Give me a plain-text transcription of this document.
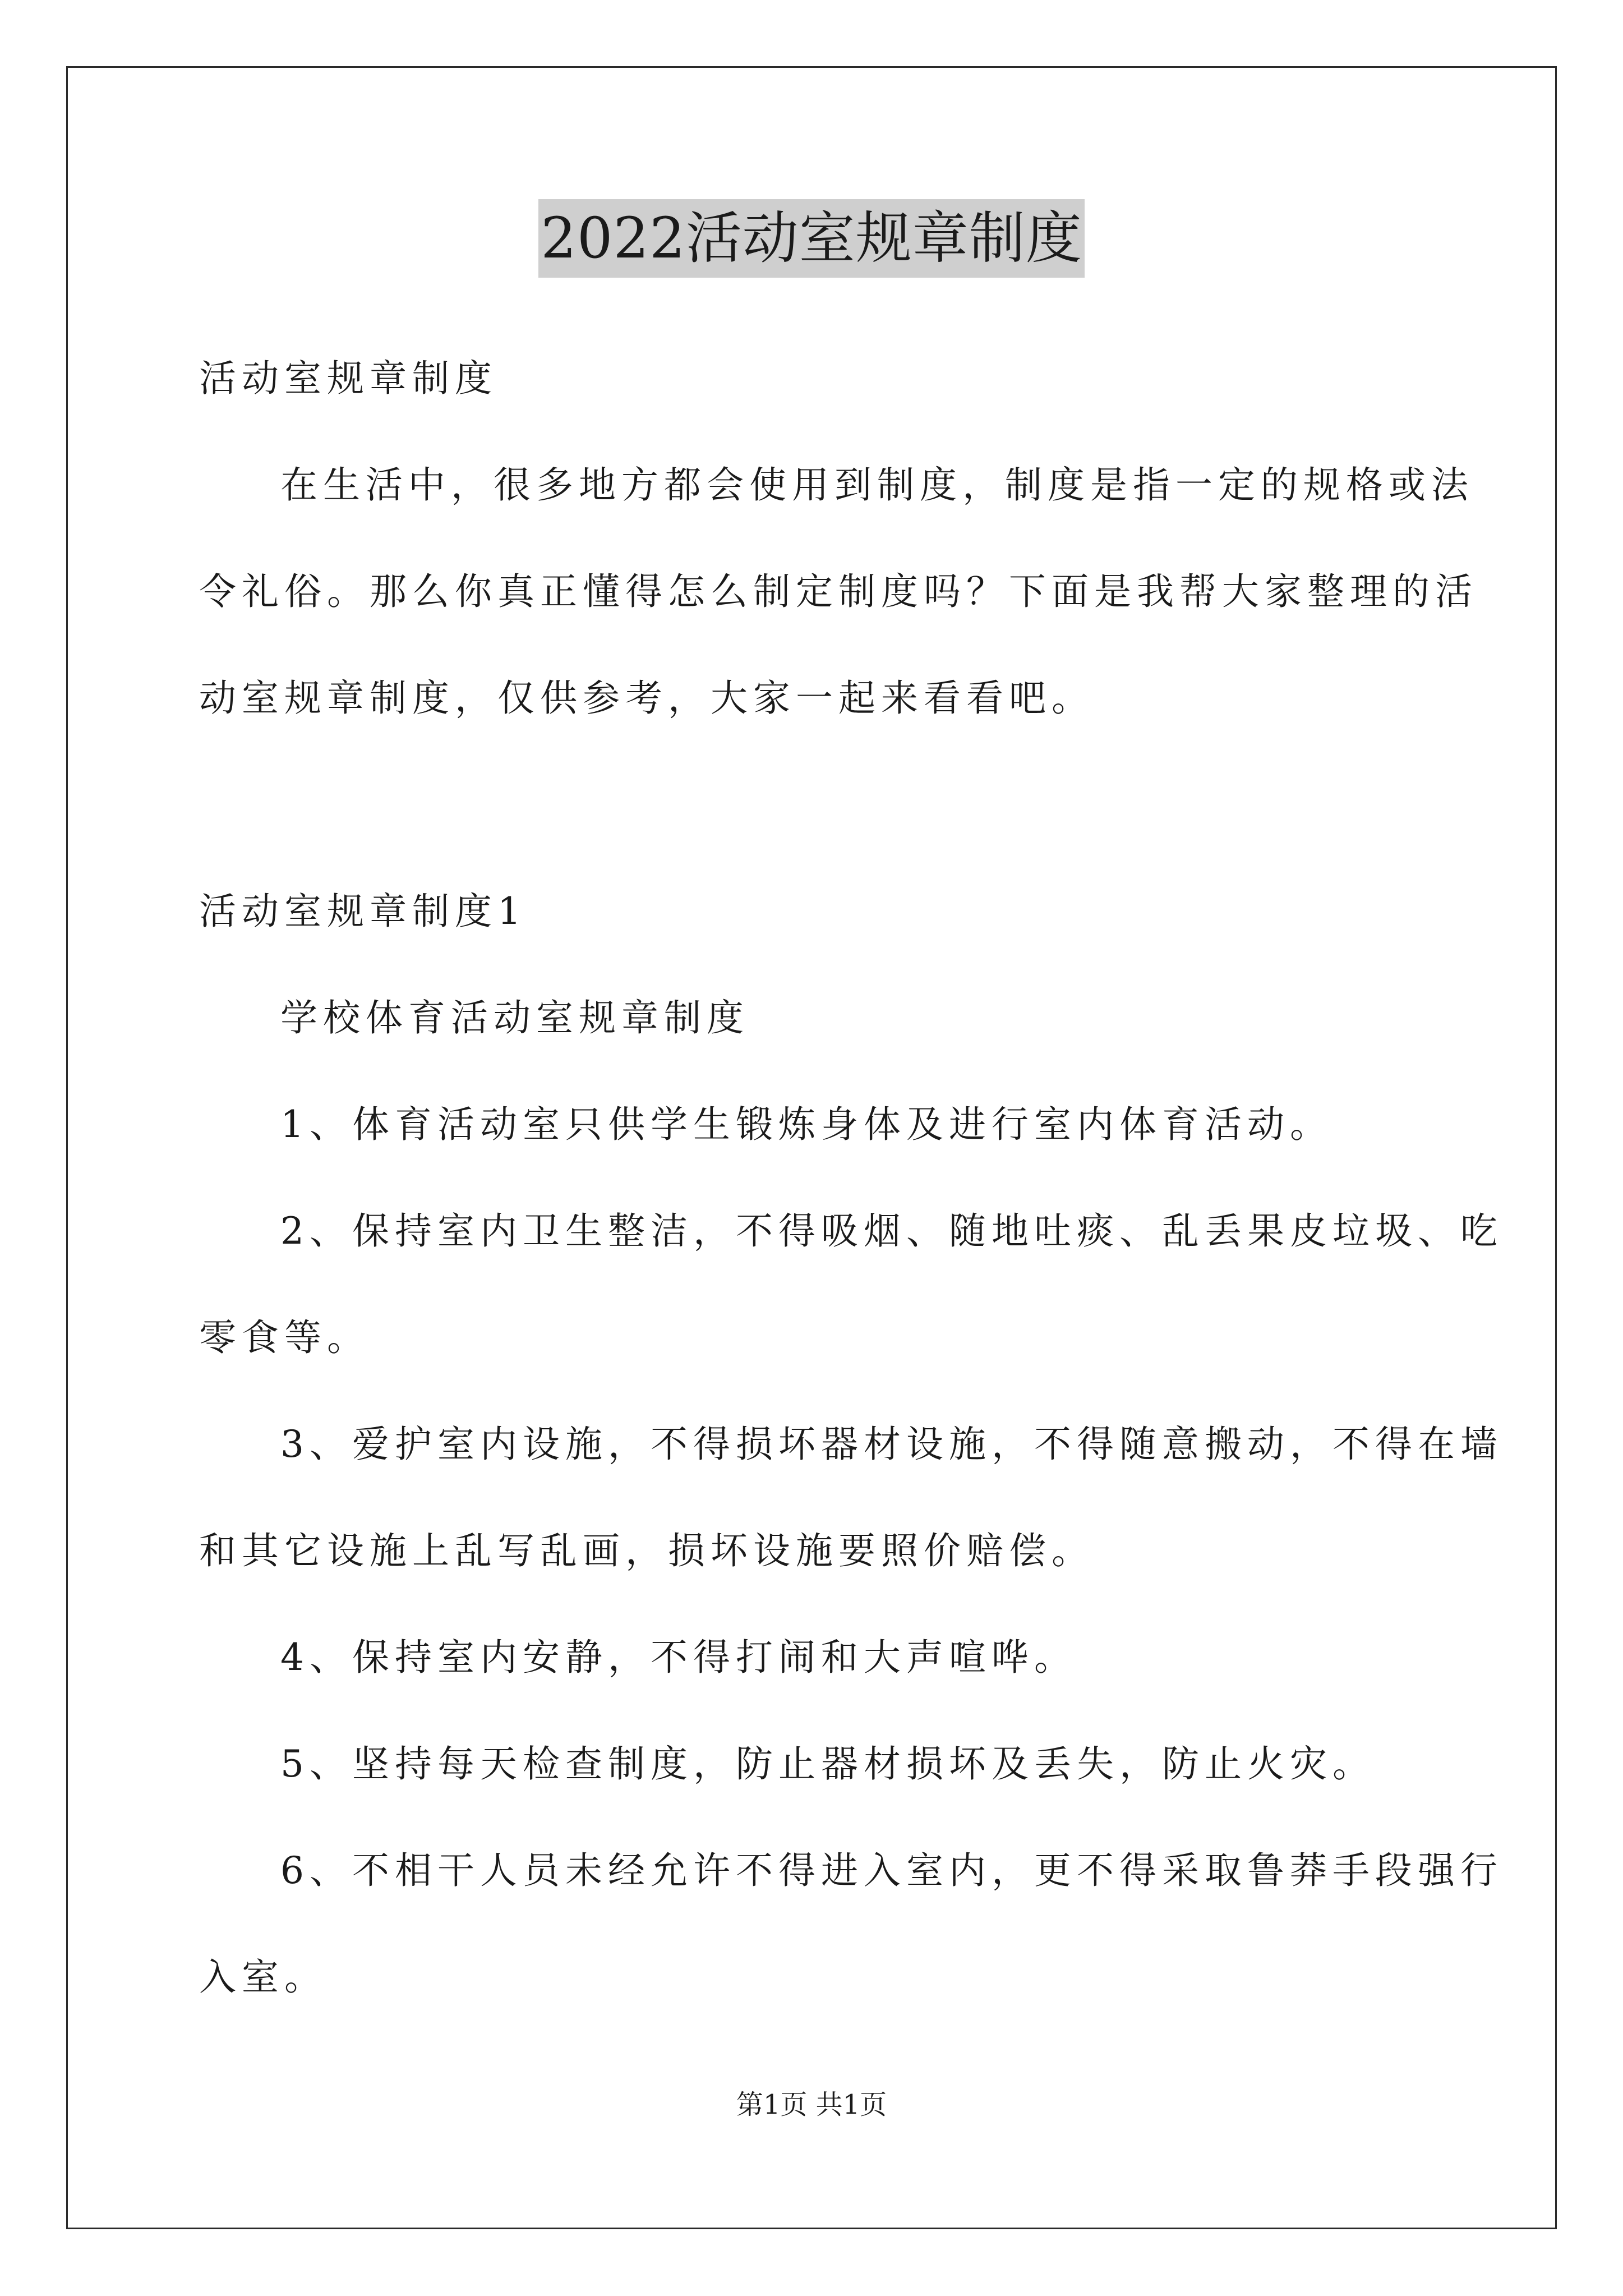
2022活动室规章制度
活动室规章制度
在生活中，很多地方都会使用到制度，制度是指一定的规格或法
令礼俗。那么你真正懂得怎么制定制度吗？下面是我帮大家整理的活
动室规章制度，仅供参考，大家一起来看看吧。
活动室规章制度1
学校体育活动室规章制度
1、体育活动室只供学生锻炼身体及进行室内体育活动。
2、保持室内卫生整洁，不得吸烟、随地吐痰、乱丢果皮垃圾、吃
零食等。
3、爱护室内设施，不得损坏器材设施，不得随意搬动，不得在墙
和其它设施上乱写乱画，损坏设施要照价赔偿。
4、保持室内安静，不得打闹和大声喧哗。
5、坚持每天检查制度，防止器材损坏及丢失，防止火灾。
6、不相干人员未经允许不得进入室内，更不得采取鲁莽手段强行
入室。
第1页 共1页
